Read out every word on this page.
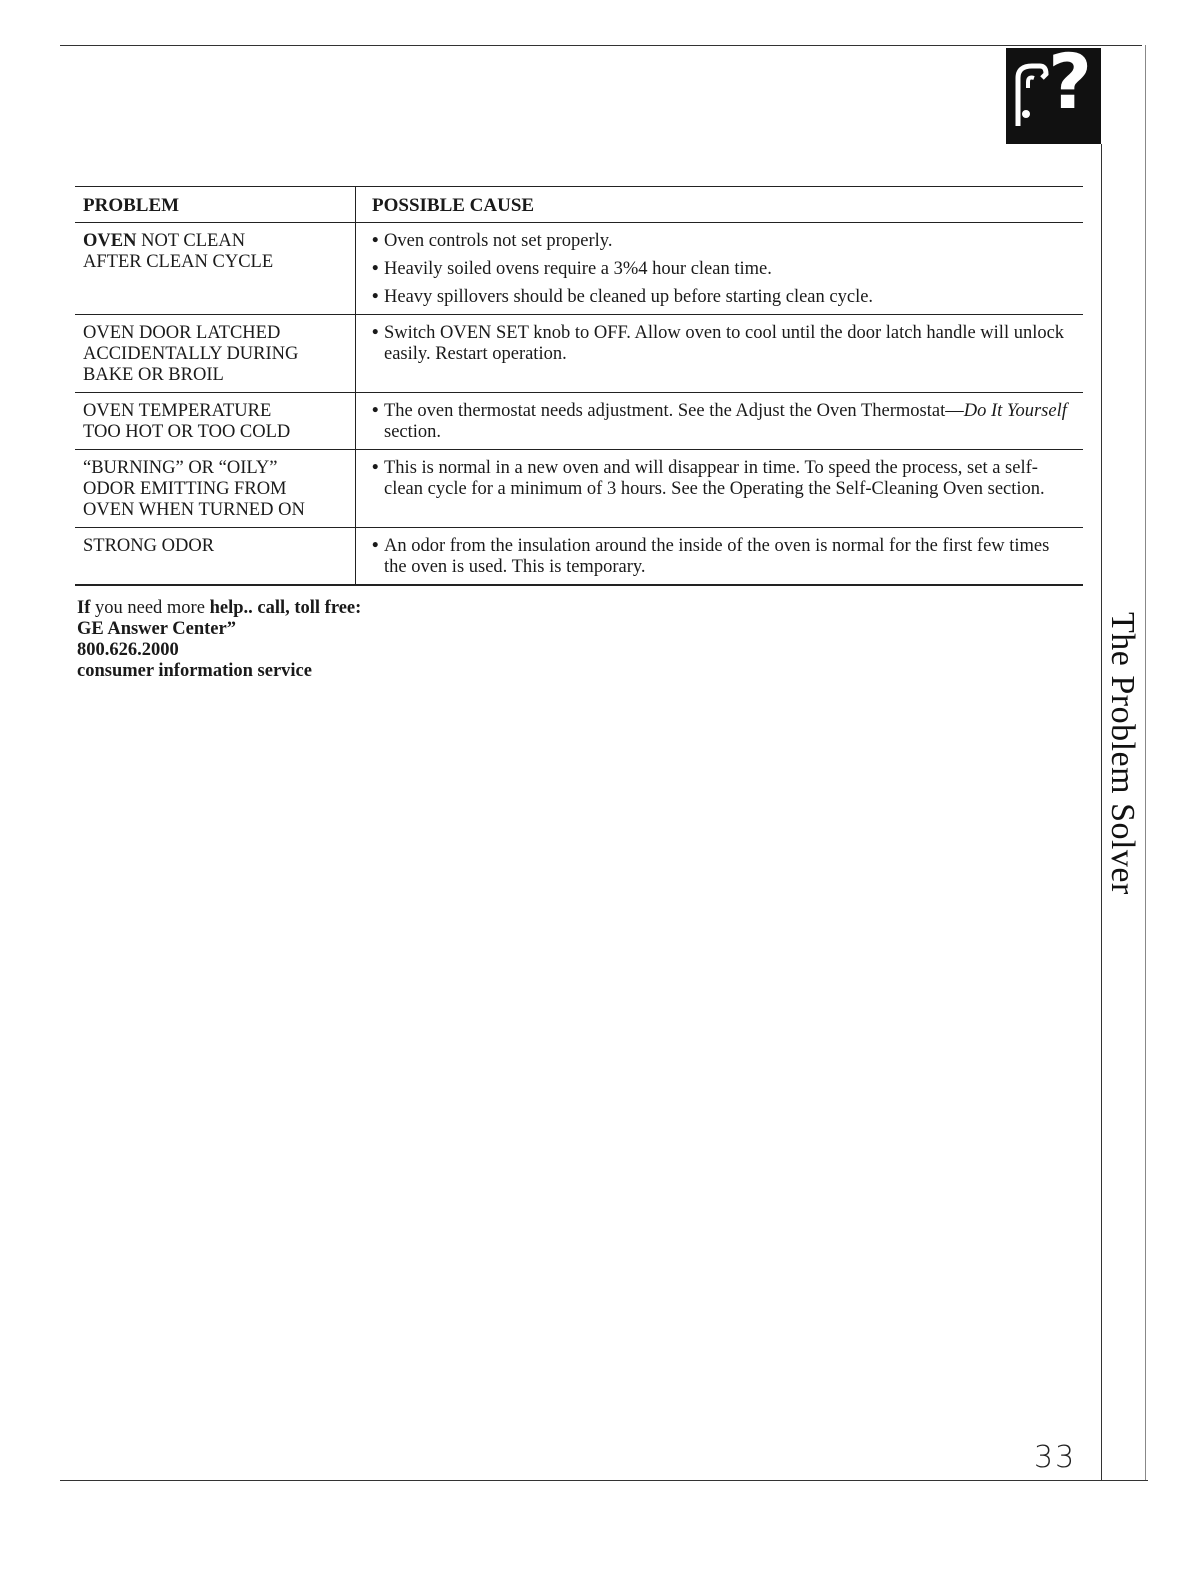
?
PROBLEM	POSSIBLE CAUSE

OVEN NOT CLEAN
AFTER CLEAN CYCLE	• Oven controls not set properly.
• Heavily soiled ovens require a 3%4 hour clean time.
• Heavy spillovers should be cleaned up before starting clean cycle.

OVEN DOOR LATCHED
ACCIDENTALLY DURING
BAKE OR BROIL	• Switch OVEN SET knob to OFF. Allow oven to cool until the door latch handle will unlock easily. Restart operation.

OVEN TEMPERATURE
TOO HOT OR TOO COLD	• The oven thermostat needs adjustment. See the Adjust the Oven Thermostat—Do It Yourself section.

“BURNING” OR “OILY”
ODOR EMITTING FROM
OVEN WHEN TURNED ON	• This is normal in a new oven and will disappear in time. To speed the process, set a self-clean cycle for a minimum of 3 hours. See the Operating the Self-Cleaning Oven section.

STRONG ODOR	• An odor from the insulation around the inside of the oven is normal for the first few times the oven is used. This is temporary.
If you need more help.. call, toll free:
GE Answer Center”
800.626.2000
consumer information service	The Problem Solver
33
